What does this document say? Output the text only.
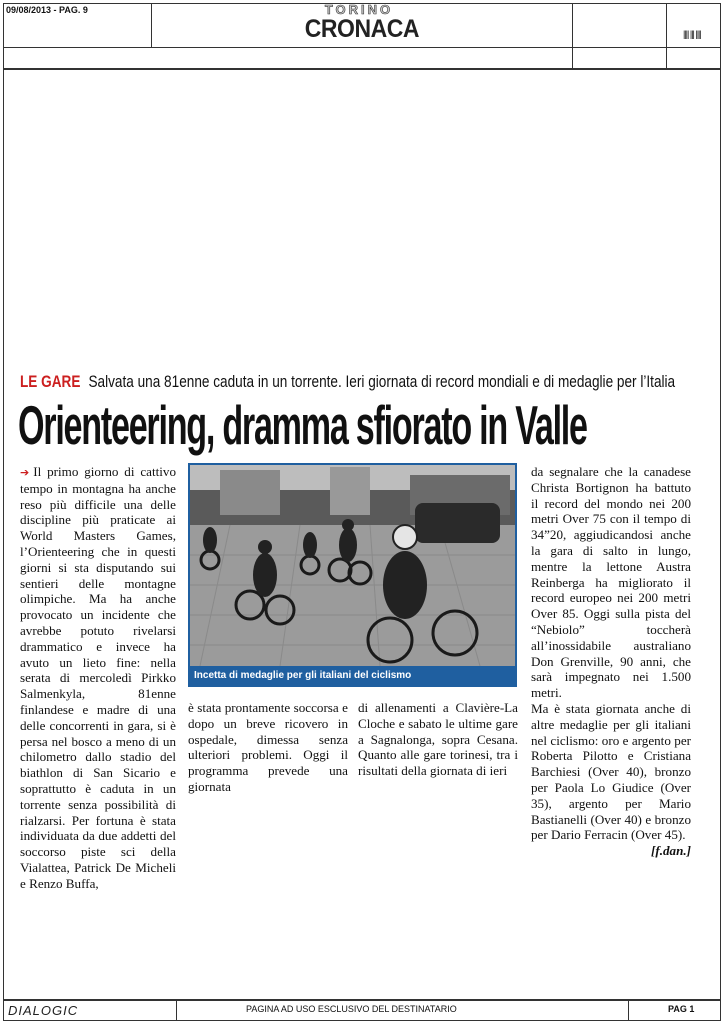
09/08/2013 - PAG. 9	TORINO
CRONACA	|||| ||| ||||
LE GARE Salvata una 81enne caduta in un torrente. Ieri giornata di record mondiali e di medaglie per l’Italia
Orienteering, dramma sfiorato in Valle

➔ Il primo giorno di cattivo tempo in montagna ha anche reso più difficile una delle discipline più praticate ai World Masters Games, l’Orienteering che in questi giorni si sta disputando sui sentieri delle montagne olimpiche. Ma ha anche provocato un incidente che avrebbe potuto rivelarsi drammatico e invece ha avuto un lieto fine: nella serata di mercoledì Pirkko Salmenkyla, 81enne finlandese e madre di una delle concorrenti in gara, si è persa nel bosco a meno di un chilometro dallo stadio del biathlon di San Sicario e soprattutto è caduta in un torrente senza possibilità di rialzarsi. Per fortuna è stata individuata da due addetti del soccorso piste sci della Vialattea, Patrick De Micheli e Renzo Buffa,

Incetta di medaglie per gli italiani del ciclismo

è stata prontamente soccorsa e dopo un breve ricovero in ospedale, dimessa senza ulteriori problemi. Oggi il programma prevede una giornata

di allenamenti a Clavière-La Cloche e sabato le ultime gare a Sagnalonga, sopra Cesana. Quanto alle gare torinesi, tra i risultati della giornata di ieri

da segnalare che la canadese Christa Bortignon ha battuto il record del mondo nei 200 metri Over 75 con il tempo di 34”20, aggiudicandosi anche la gara di salto in lungo, mentre la lettone Austra Reinberga ha migliorato il record europeo nei 200 metri Over 85. Oggi sulla pista del “Nebiolo” toccherà all’inossidabile australiano Don Grenville, 90 anni, che sarà impegnato nei 1.500 metri.

Ma è stata giornata anche di altre medaglie per gli italiani nel ciclismo: oro e argento per Roberta Pilotto e Cristiana Barchiesi (Over 40), bronzo per Paola Lo Giudice (Over 35), argento per Mario Bastianelli (Over 40) e bronzo per Dario Ferracin (Over 45).

[f.dan.]

DIALOGIC	PAGINA AD USO ESCLUSIVO DEL DESTINATARIO	PAG 1
